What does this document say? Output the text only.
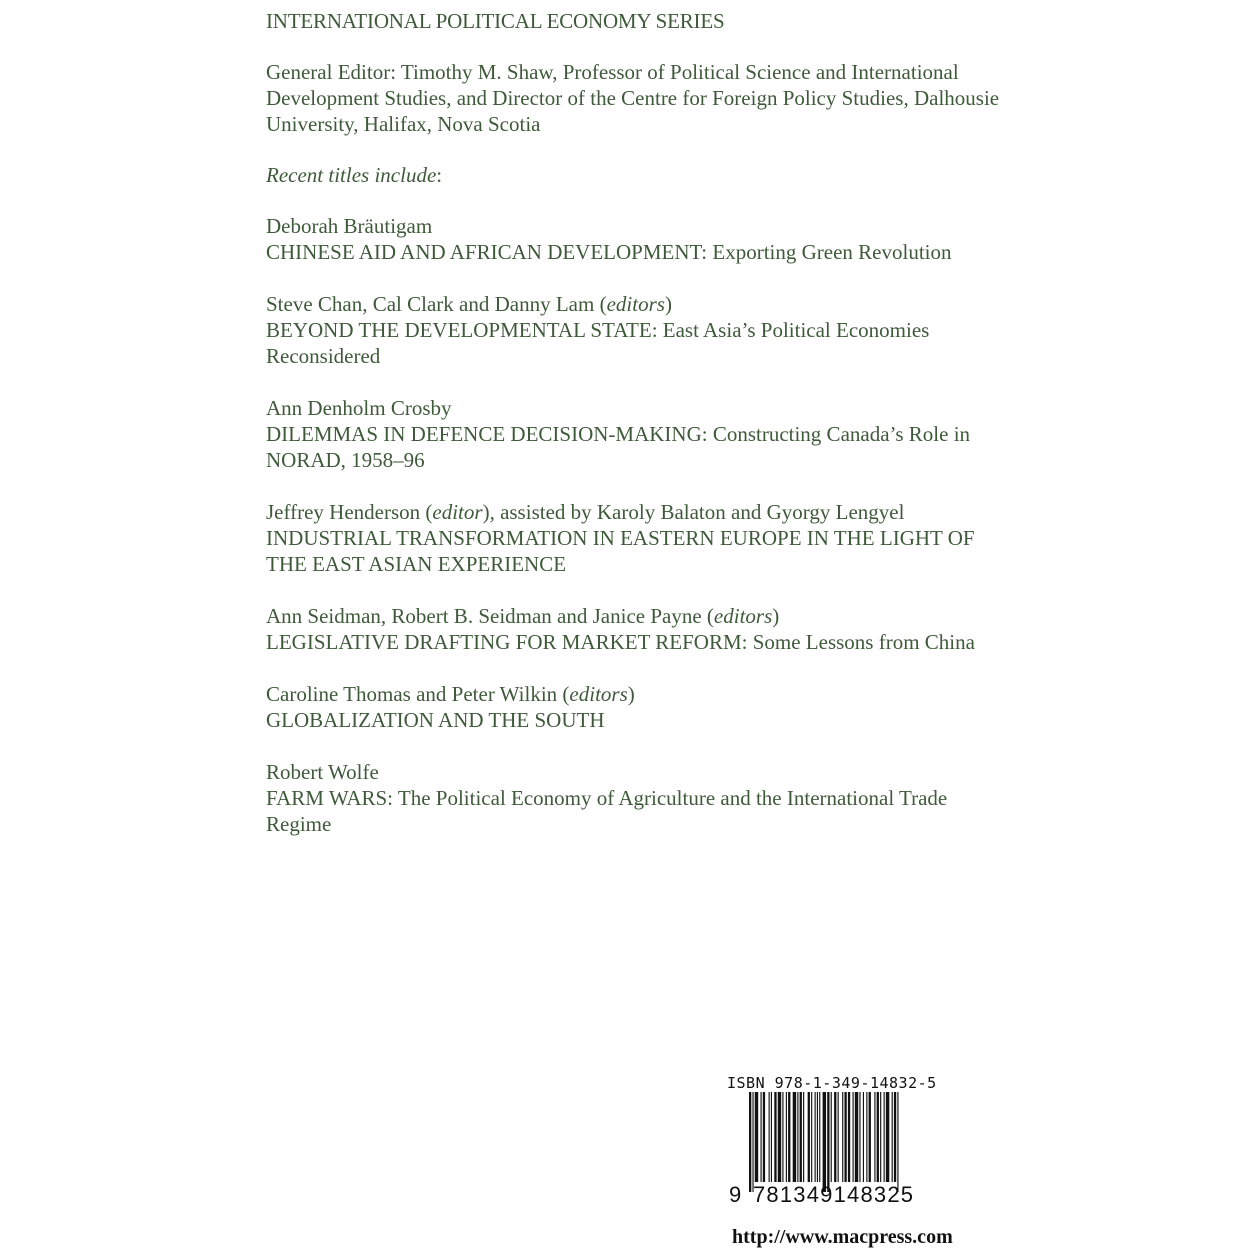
INTERNATIONAL POLITICAL ECONOMY SERIES
General Editor: Timothy M. Shaw, Professor of Political Science and International Development Studies, and Director of the Centre for Foreign Policy Studies, Dalhousie University, Halifax, Nova Scotia
Recent titles include:
Deborah Bräutigam
CHINESE AID AND AFRICAN DEVELOPMENT: Exporting Green Revolution
Steve Chan, Cal Clark and Danny Lam (editors)
BEYOND THE DEVELOPMENTAL STATE: East Asia’s Political Economies Reconsidered
Ann Denholm Crosby
DILEMMAS IN DEFENCE DECISION-MAKING: Constructing Canada’s Role in NORAD, 1958–96
Jeffrey Henderson (editor), assisted by Karoly Balaton and Gyorgy Lengyel
INDUSTRIAL TRANSFORMATION IN EASTERN EUROPE IN THE LIGHT OF THE EAST ASIAN EXPERIENCE
Ann Seidman, Robert B. Seidman and Janice Payne (editors)
LEGISLATIVE DRAFTING FOR MARKET REFORM: Some Lessons from China
Caroline Thomas and Peter Wilkin (editors)
GLOBALIZATION AND THE SOUTH
Robert Wolfe
FARM WARS: The Political Economy of Agriculture and the International Trade Regime
ISBN 978-1-349-14832-5
9 781349148325
http://www.macpress.com
